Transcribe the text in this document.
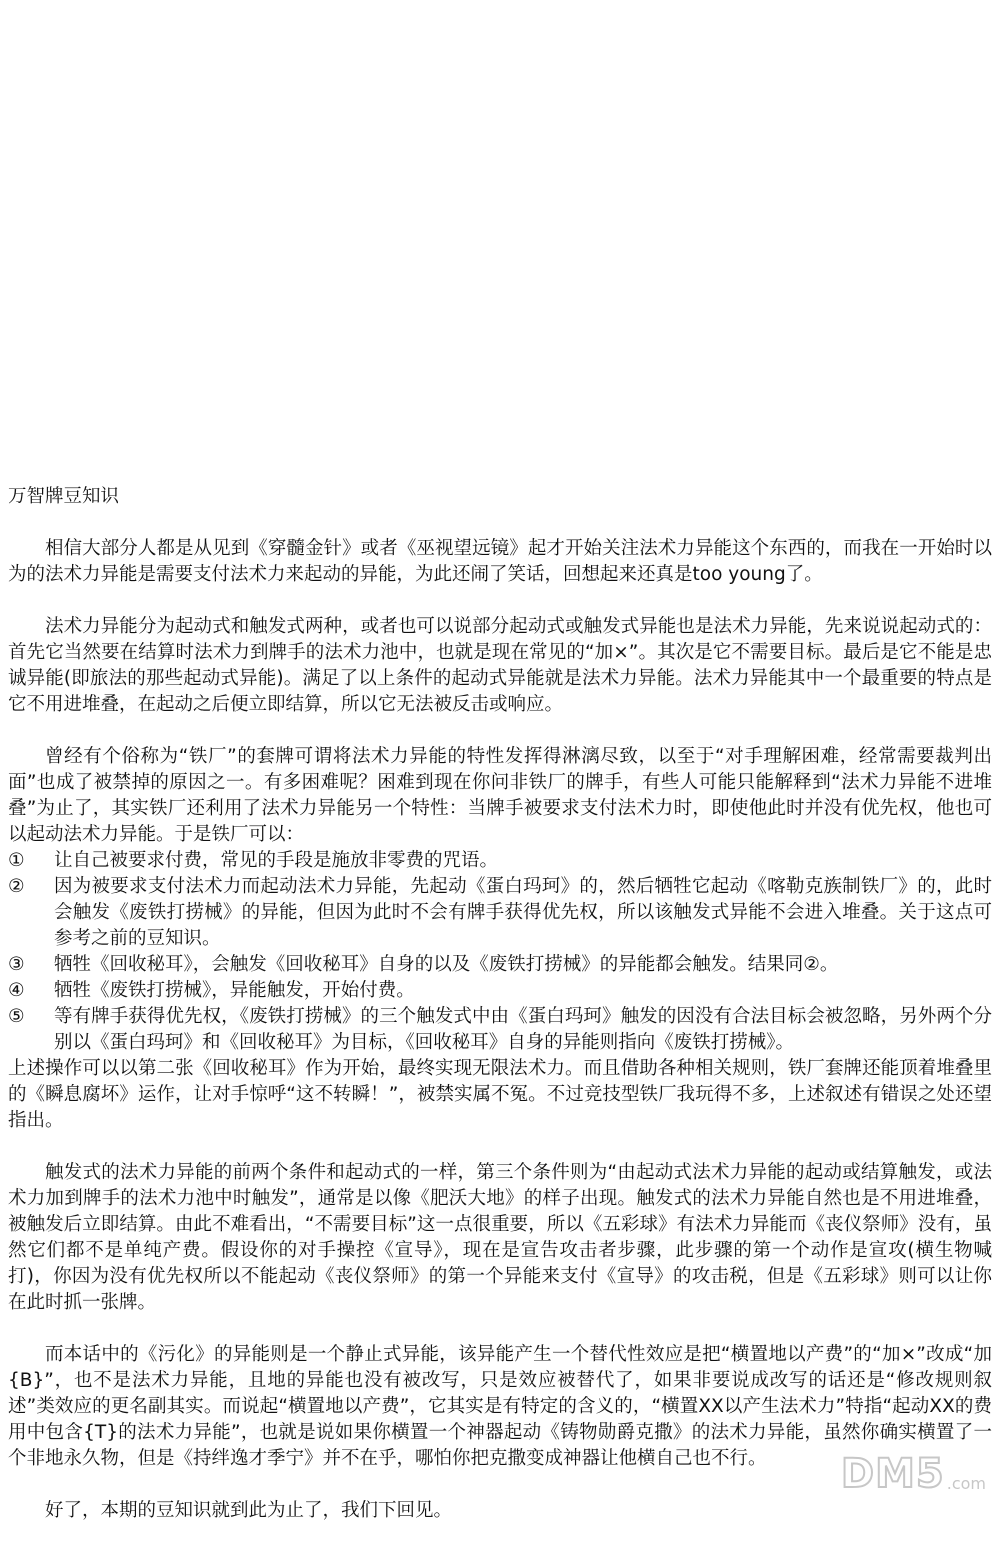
万智牌豆知识

相信大部分人都是从见到《穿髓金针》或者《巫视望远镜》起才开始关注法术力异能这个东西的，而我在一开始时以为的法术力异能是需要支付法术力来起动的异能，为此还闹了笑话，回想起来还真是too young了。

法术力异能分为起动式和触发式两种，或者也可以说部分起动式或触发式异能也是法术力异能，先来说说起动式的：首先它当然要在结算时法术力到牌手的法术力池中，也就是现在常见的“加×”。其次是它不需要目标。最后是它不能是忠诚异能(即旅法的那些起动式异能)。满足了以上条件的起动式异能就是法术力异能。法术力异能其中一个最重要的特点是它不用进堆叠，在起动之后便立即结算，所以它无法被反击或响应。

曾经有个俗称为“铁厂”的套牌可谓将法术力异能的特性发挥得淋漓尽致，以至于“对手理解困难，经常需要裁判出面”也成了被禁掉的原因之一。有多困难呢？困难到现在你问非铁厂的牌手，有些人可能只能解释到“法术力异能不进堆叠”为止了，其实铁厂还利用了法术力异能另一个特性：当牌手被要求支付法术力时，即使他此时并没有优先权，他也可以起动法术力异能。于是铁厂可以：

① 让自己被要求付费，常见的手段是施放非零费的咒语。
② 因为被要求支付法术力而起动法术力异能，先起动《蛋白玛珂》的，然后牺牲它起动《喀勒克族制铁厂》的，此时会触发《废铁打捞械》的异能，但因为此时不会有牌手获得优先权，所以该触发式异能不会进入堆叠。关于这点可参考之前的豆知识。
③ 牺牲《回收秘耳》，会触发《回收秘耳》自身的以及《废铁打捞械》的异能都会触发。结果同②。
④ 牺牲《废铁打捞械》，异能触发，开始付费。
⑤ 等有牌手获得优先权，《废铁打捞械》的三个触发式中由《蛋白玛珂》触发的因没有合法目标会被忽略，另外两个分别以《蛋白玛珂》和《回收秘耳》为目标，《回收秘耳》自身的异能则指向《废铁打捞械》。

上述操作可以以第二张《回收秘耳》作为开始，最终实现无限法术力。而且借助各种相关规则，铁厂套牌还能顶着堆叠里的《瞬息腐坏》运作，让对手惊呼“这不转瞬！”，被禁实属不冤。不过竞技型铁厂我玩得不多，上述叙述有错误之处还望指出。

触发式的法术力异能的前两个条件和起动式的一样，第三个条件则为“由起动式法术力异能的起动或结算触发，或法术力加到牌手的法术力池中时触发”，通常是以像《肥沃大地》的样子出现。触发式的法术力异能自然也是不用进堆叠，被触发后立即结算。由此不难看出，“不需要目标”这一点很重要，所以《五彩球》有法术力异能而《丧仪祭师》没有，虽然它们都不是单纯产费。假设你的对手操控《宣导》，现在是宣告攻击者步骤，此步骤的第一个动作是宣攻(横生物喊打)，你因为没有优先权所以不能起动《丧仪祭师》的第一个异能来支付《宣导》的攻击税，但是《五彩球》则可以让你在此时抓一张牌。

而本话中的《污化》的异能则是一个静止式异能，该异能产生一个替代性效应是把“横置地以产费”的“加×”改成“加{B}”，也不是法术力异能，且地的异能也没有被改写，只是效应被替代了，如果非要说成改写的话还是“修改规则叙述”类效应的更名副其实。而说起“横置地以产费”，它其实是有特定的含义的，“横置XX以产生法术力”特指“起动XX的费用中包含{T}的法术力异能”，也就是说如果你横置一个神器起动《铸物勋爵克撒》的法术力异能，虽然你确实横置了一个非地永久物，但是《持绊逸才季宁》并不在乎，哪怕你把克撒变成神器让他横自己也不行。

好了，本期的豆知识就到此为止了，我们下回见。

DM5 .com
